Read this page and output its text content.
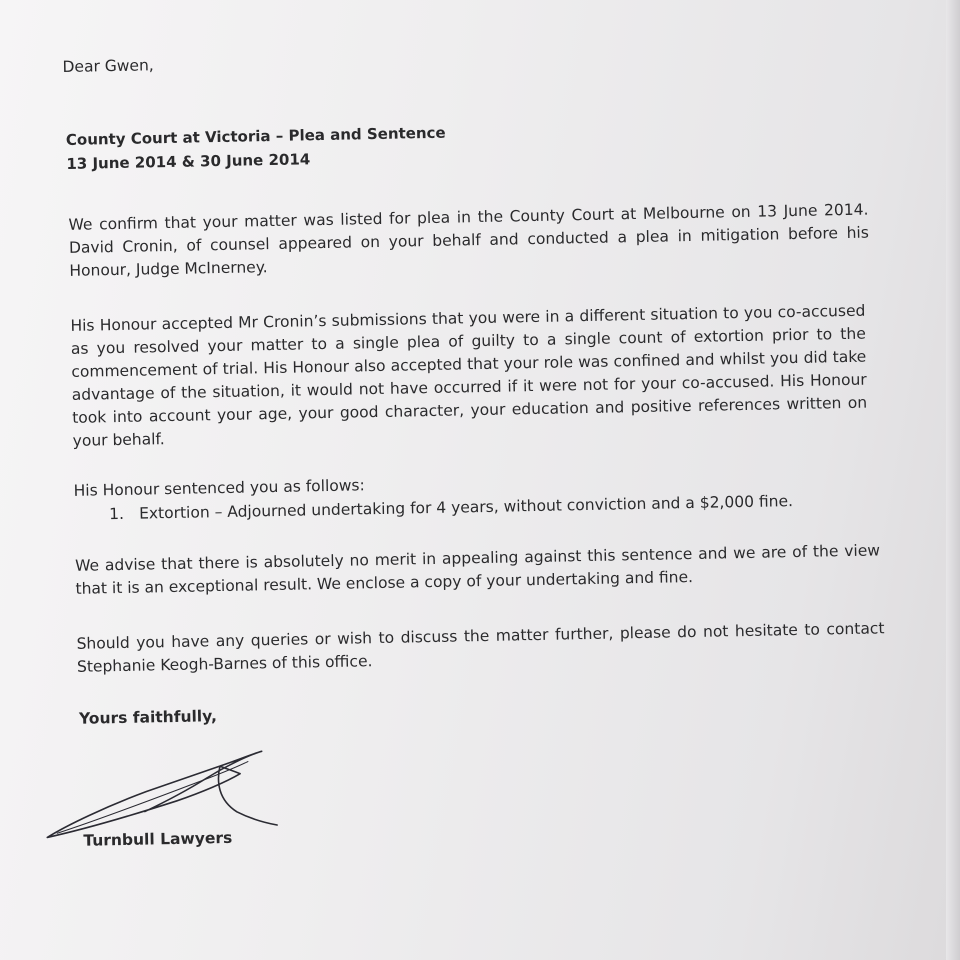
Dear Gwen,
County Court at Victoria – Plea and Sentence
13 June 2014 & 30 June 2014
We confirm that your matter was listed for plea in the County Court at Melbourne on 13 June 2014. David Cronin, of counsel appeared on your behalf and conducted a plea in mitigation before his Honour, Judge McInerney.
His Honour accepted Mr Cronin’s submissions that you were in a different situation to you co-accused as you resolved your matter to a single plea of guilty to a single count of extortion prior to the commencement of trial. His Honour also accepted that your role was confined and whilst you did take advantage of the situation, it would not have occurred if it were not for your co-accused. His Honour took into account your age, your good character, your education and positive references written on your behalf.
His Honour sentenced you as follows:
1. Extortion – Adjourned undertaking for 4 years, without conviction and a $2,000 fine.
We advise that there is absolutely no merit in appealing against this sentence and we are of the view that it is an exceptional result. We enclose a copy of your undertaking and fine.
Should you have any queries or wish to discuss the matter further, please do not hesitate to contact Stephanie Keogh-Barnes of this office.
Yours faithfully,
Turnbull Lawyers
